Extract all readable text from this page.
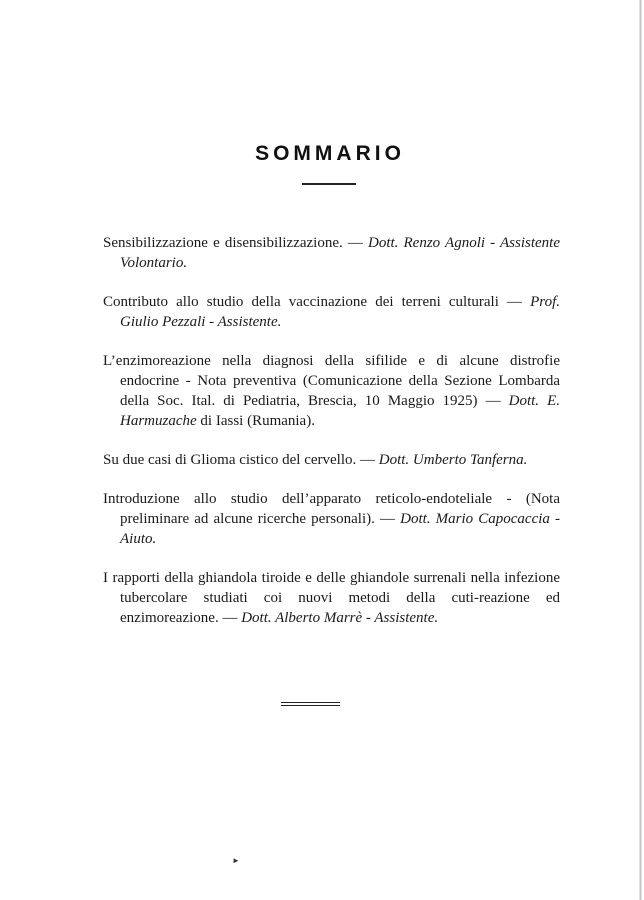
SOMMARIO

Sensibilizzazione e disensibilizzazione. — Dott. Renzo Agnoli - Assistente Volontario.

Contributo allo studio della vaccinazione dei terreni culturali — Prof. Giulio Pezzali - Assistente.

L’enzimoreazione nella diagnosi della sifilide e di alcune distrofie endocrine - Nota preventiva (Comunicazione della Sezione Lombarda della Soc. Ital. di Pediatria, Brescia, 10 Maggio 1925) — Dott. E. Harmuzache di Iassi (Rumania).

Su due casi di Glioma cistico del cervello. — Dott. Umberto Tanferna.

Introduzione allo studio dell’apparato reticolo-endoteliale - (Nota preliminare ad alcune ricerche personali). — Dott. Mario Capocaccia - Aiuto.

I rapporti della ghiandola tiroide e delle ghiandole surrenali nella infezione tubercolare studiati coi nuovi metodi della cuti-reazione ed enzimoreazione. — Dott. Alberto Marrè - Assistente.

►
